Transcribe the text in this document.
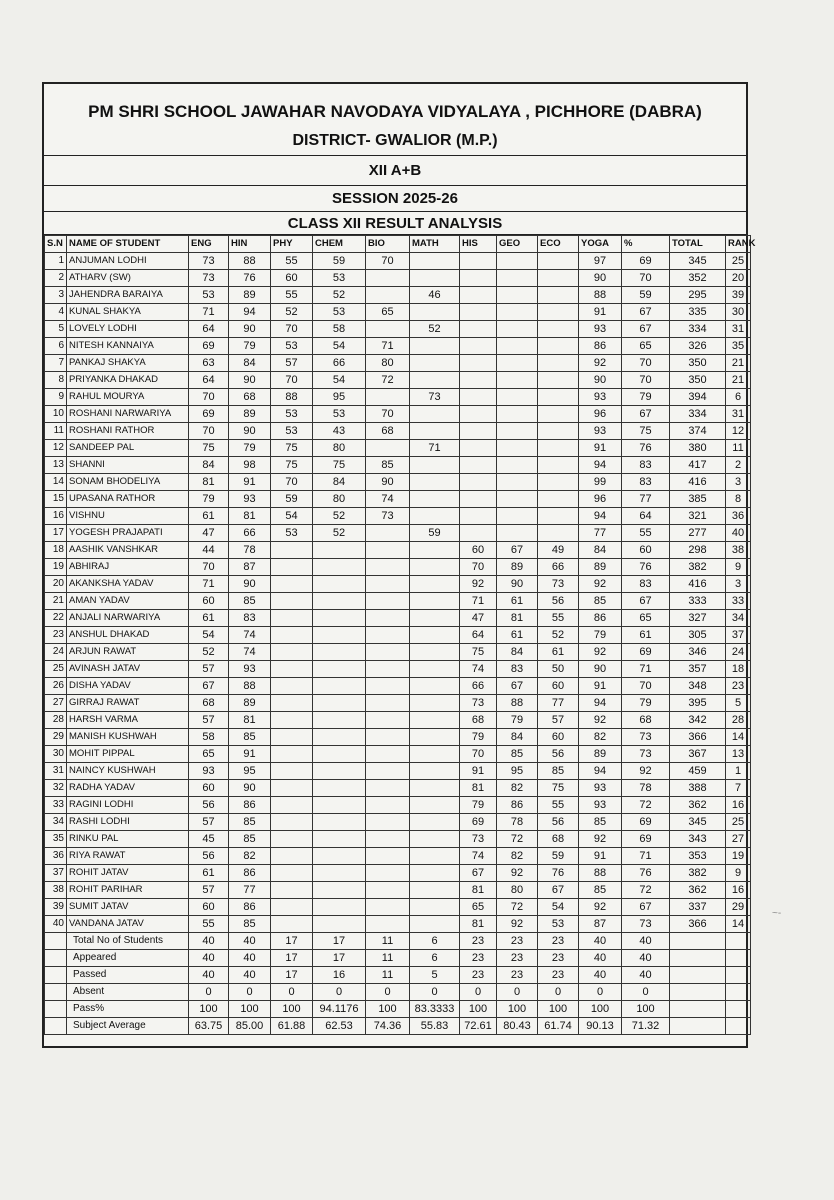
PM SHRI SCHOOL JAWAHAR NAVODAYA VIDYALAYA , PICHHORE (DABRA)
DISTRICT- GWALIOR (M.P.)
XII A+B
SESSION 2025-26
CLASS XII RESULT ANALYSIS
S.N	NAME OF STUDENT	ENG	HIN	PHY	CHEM	BIO	MATH	HIS	GEO	ECO	YOGA	%	TOTAL	RANK
1	ANJUMAN LODHI	73	88	55	59	70					97	69	345	25
2	ATHARV (SW)	73	76	60	53						90	70	352	20
3	JAHENDRA BARAIYA	53	89	55	52		46				88	59	295	39
4	KUNAL SHAKYA	71	94	52	53	65					91	67	335	30
5	LOVELY LODHI	64	90	70	58		52				93	67	334	31
6	NITESH KANNAIYA	69	79	53	54	71					86	65	326	35
7	PANKAJ SHAKYA	63	84	57	66	80					92	70	350	21
8	PRIYANKA DHAKAD	64	90	70	54	72					90	70	350	21
9	RAHUL MOURYA	70	68	88	95		73				93	79	394	6
10	ROSHANI NARWARIYA	69	89	53	53	70					96	67	334	31
11	ROSHANI RATHOR	70	90	53	43	68					93	75	374	12
12	SANDEEP PAL	75	79	75	80		71				91	76	380	11
13	SHANNI	84	98	75	75	85					94	83	417	2
14	SONAM BHODELIYA	81	91	70	84	90					99	83	416	3
15	UPASANA RATHOR	79	93	59	80	74					96	77	385	8
16	VISHNU	61	81	54	52	73					94	64	321	36
17	YOGESH PRAJAPATI	47	66	53	52		59				77	55	277	40
18	AASHIK VANSHKAR	44	78					60	67	49	84	60	298	38
19	ABHIRAJ	70	87					70	89	66	89	76	382	9
20	AKANKSHA YADAV	71	90					92	90	73	92	83	416	3
21	AMAN YADAV	60	85					71	61	56	85	67	333	33
22	ANJALI NARWARIYA	61	83					47	81	55	86	65	327	34
23	ANSHUL DHAKAD	54	74					64	61	52	79	61	305	37
24	ARJUN RAWAT	52	74					75	84	61	92	69	346	24
25	AVINASH JATAV	57	93					74	83	50	90	71	357	18
26	DISHA YADAV	67	88					66	67	60	91	70	348	23
27	GIRRAJ RAWAT	68	89					73	88	77	94	79	395	5
28	HARSH VARMA	57	81					68	79	57	92	68	342	28
29	MANISH KUSHWAH	58	85					79	84	60	82	73	366	14
30	MOHIT PIPPAL	65	91					70	85	56	89	73	367	13
31	NAINCY KUSHWAH	93	95					91	95	85	94	92	459	1
32	RADHA YADAV	60	90					81	82	75	93	78	388	7
33	RAGINI LODHI	56	86					79	86	55	93	72	362	16
34	RASHI LODHI	57	85					69	78	56	85	69	345	25
35	RINKU PAL	45	85					73	72	68	92	69	343	27
36	RIYA RAWAT	56	82					74	82	59	91	71	353	19
37	ROHIT JATAV	61	86					67	92	76	88	76	382	9
38	ROHIT PARIHAR	57	77					81	80	67	85	72	362	16
39	SUMIT JATAV	60	86					65	72	54	92	67	337	29
40	VANDANA JATAV	55	85					81	92	53	87	73	366	14
	Total No of Students	40	40	17	17	11	6	23	23	23	40	40		
	Appeared	40	40	17	17	11	6	23	23	23	40	40		
	Passed	40	40	17	16	11	5	23	23	23	40	40		
	Absent	0	0	0	0	0	0	0	0	0	0	0		
	Pass%	100	100	100	94.1176	100	83.3333	100	100	100	100	100		
	Subject Average	63.75	85.00	61.88	62.53	74.36	55.83	72.61	80.43	61.74	90.13	71.32		
~-
